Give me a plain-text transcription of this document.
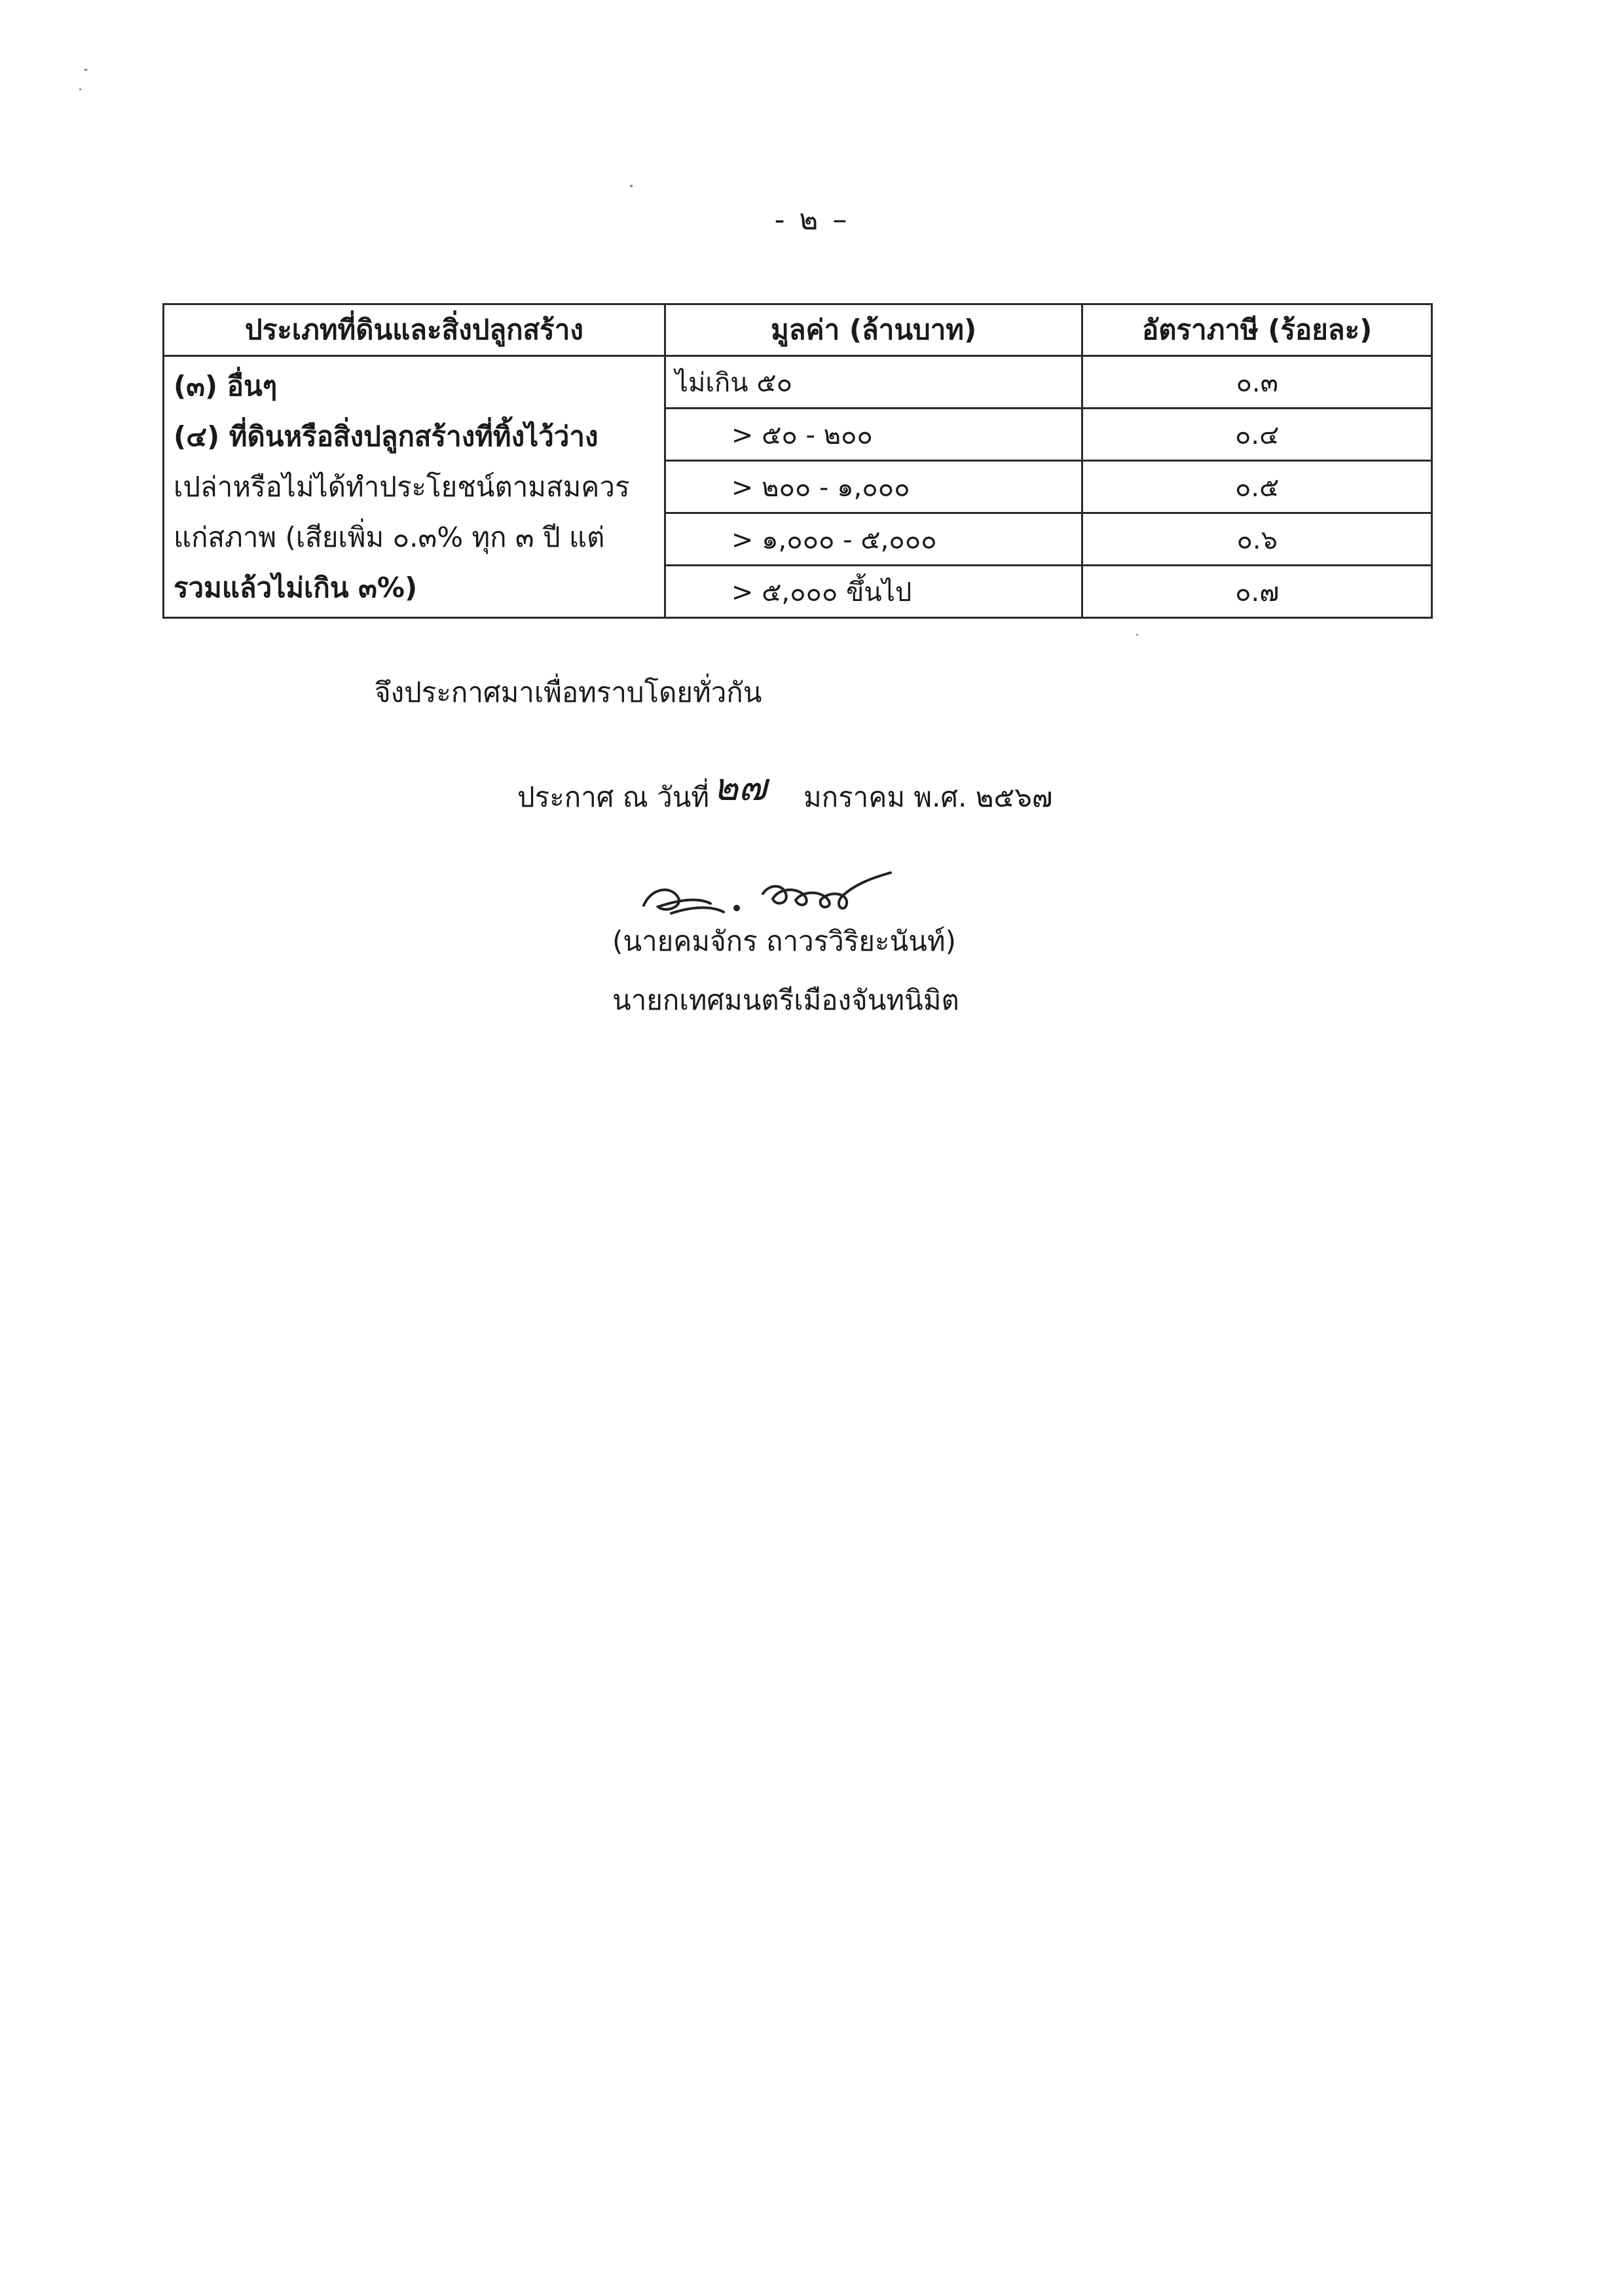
- ๒ –
ประเภทที่ดินและสิ่งปลูกสร้าง	มูลค่า (ล้านบาท)	อัตราภาษี (ร้อยละ)

(๓) อื่นๆ
(๔) ที่ดินหรือสิ่งปลูกสร้างที่ทิ้งไว้ว่าง
เปล่าหรือไม่ได้ทำประโยชน์ตามสมควร
แก่สภาพ (เสียเพิ่ม ๐.๓% ทุก ๓ ปี แต่
รวมแล้วไม่เกิน ๓%)	ไม่เกิน ๕๐	๐.๓
	> ๕๐ - ๒๐๐	๐.๔
	> ๒๐๐ - ๑,๐๐๐	๐.๕
	> ๑,๐๐๐ - ๕,๐๐๐	๐.๖
	> ๕,๐๐๐ ขึ้นไป	๐.๗
จึงประกาศมาเพื่อทราบโดยทั่วกัน
ประกาศ ณ วันที่ ๒๗ มกราคม พ.ศ. ๒๕๖๗
(นายคมจักร ถาวรวิริยะนันท์)
นายกเทศมนตรีเมืองจันทนิมิต
